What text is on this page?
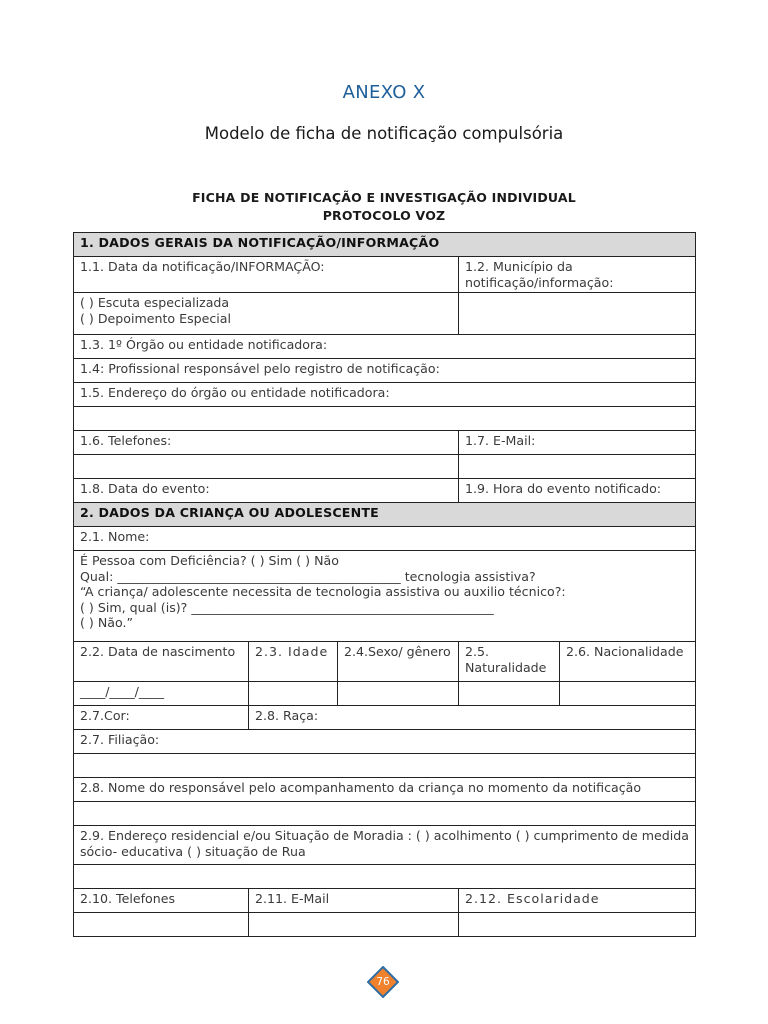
ANEXO X
Modelo de ficha de notificação compulsória
FICHA DE NOTIFICAÇÃO E INVESTIGAÇÃO INDIVIDUAL
PROTOCOLO VOZ
1. DADOS GERAIS DA NOTIFICAÇÃO/INFORMAÇÃO				
1.1. Data da notificação/INFORMAÇÃO:			1.2. Município da notificação/informação:	

( ) Escuta especializada
( ) Depoimento Especial				

1.3. 1º Órgão ou entidade notificadora:				
1.4: Profissional responsável pelo registro de notificação:				
1.5. Endereço do órgão ou entidade notificadora:				

1.6. Telefones:			1.7. E-Mail:	

1.8. Data do evento:			1.9. Hora do evento notificado:	
2. DADOS DA CRIANÇA OU ADOLESCENTE				
2.1. Nome:				

É Pessoa com Deficiência? ( ) Sim ( ) Não
Qual: _____________________________________________ tecnologia assistiva?
“A criança/ adolescente necessita de tecnologia assistiva ou auxilio técnico?:
( ) Sim, qual (is)? ________________________________________________
( ) Não.”				

2.2. Data de nascimento	2.3. Idade	2.4.Sexo/ gênero	2.5. Naturalidade	2.6. Nacionalidade
____/____/____				
2.7.Cor:	2.8. Raça:			
2.7. Filiação:				

2.8. Nome do responsável pelo acompanhamento da criança no momento da notificação				

2.9. Endereço residencial e/ou Situação de Moradia : ( ) acolhimento ( ) cumprimento de medida sócio- educativa ( ) situação de Rua				

2.10. Telefones	2.11. E-Mail		2.12. Escolaridade	

76
